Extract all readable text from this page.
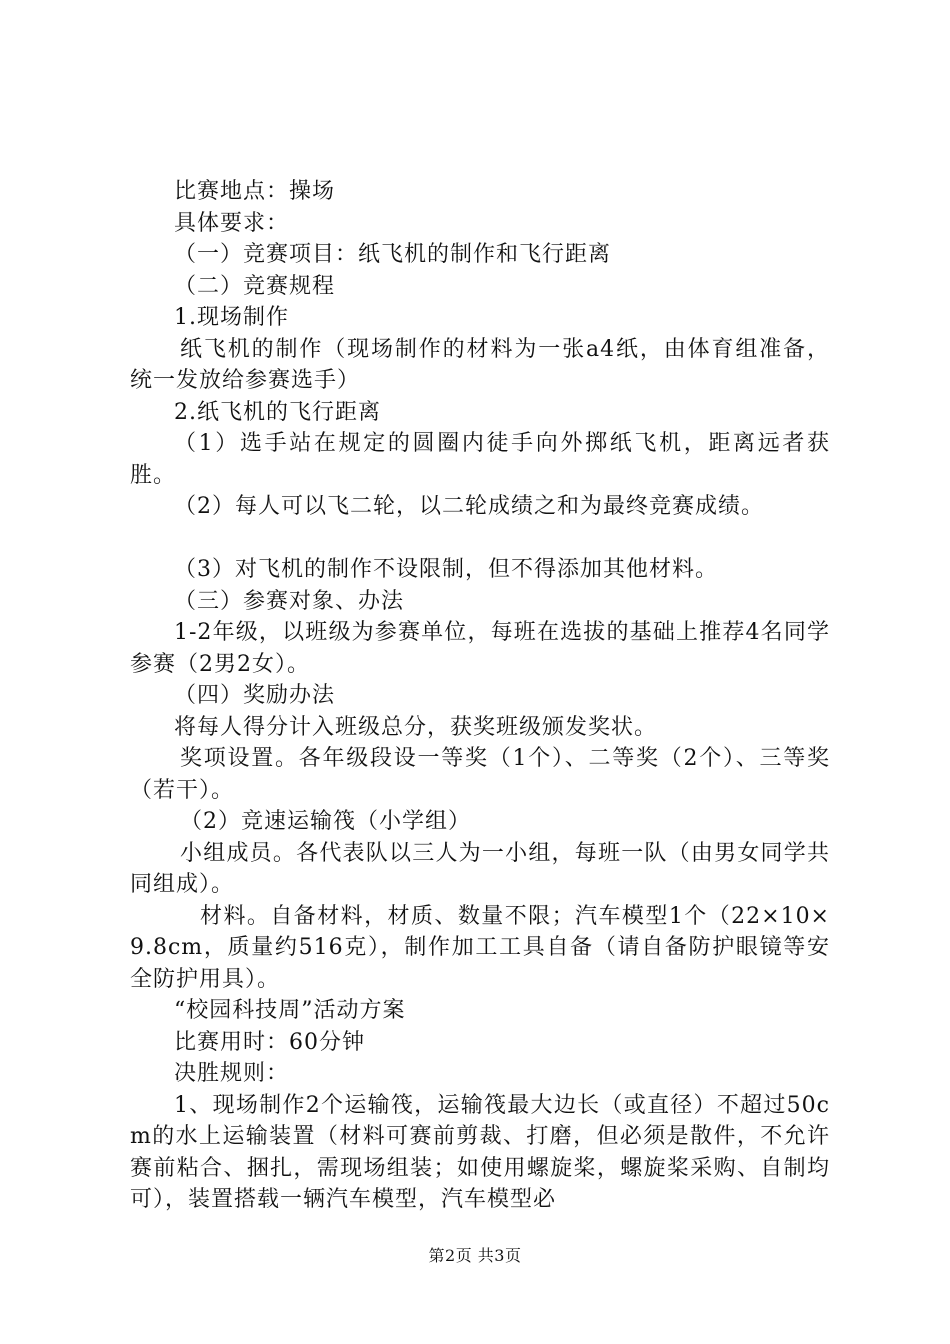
比赛地点：操场

具体要求：

（一）竞赛项目：纸飞机的制作和飞行距离

（二）竞赛规程

1.现场制作

纸飞机的制作（现场制作的材料为一张a4纸，由体育组准备，统一发放给参赛选手）

2.纸飞机的飞行距离

（1）选手站在规定的圆圈内徒手向外掷纸飞机，距离远者获胜。

（2）每人可以飞二轮，以二轮成绩之和为最终竞赛成绩。

（3）对飞机的制作不设限制，但不得添加其他材料。

（三）参赛对象、办法

1-2年级，以班级为参赛单位，每班在选拔的基础上推荐4名同学参赛（2男2女）。

（四）奖励办法

将每人得分计入班级总分，获奖班级颁发奖状。

奖项设置。各年级段设一等奖（1个）、二等奖（2个）、三等奖（若干）。

（2）竞速运输筏（小学组）

小组成员。各代表队以三人为一小组，每班一队（由男女同学共同组成）。

材料。自备材料，材质、数量不限；汽车模型1个（22×10×9.8cm，质量约516克），制作加工工具自备（请自备防护眼镜等安全防护用具）。

“校园科技周”活动方案

比赛用时：60分钟

决胜规则：

1、现场制作2个运输筏，运输筏最大边长（或直径）不超过50cm的水上运输装置（材料可赛前剪裁、打磨，但必须是散件，不允许赛前粘合、捆扎，需现场组装；如使用螺旋桨，螺旋桨采购、自制均可），装置搭载一辆汽车模型，汽车模型必

第2页 共3页
